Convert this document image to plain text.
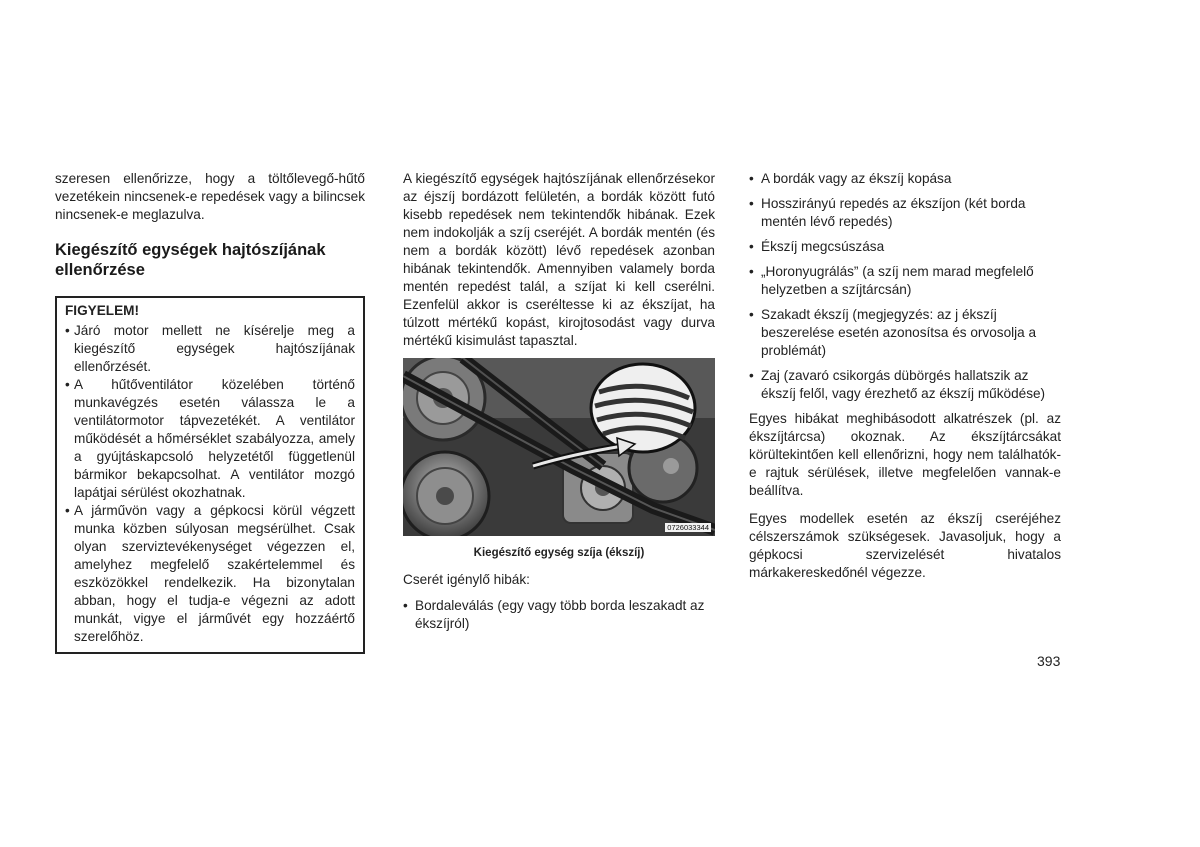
szeresen ellenőrizze, hogy a töltőlevegő-hűtő vezetékein nincsenek-e repedések vagy a bilincsek nincsenek-e meglazulva.

Kiegészítő egységek hajtószíjának ellenőrzése
FIGYELEM!
• Járó motor mellett ne kísérelje meg a kiegészítő egységek hajtószíjának ellenőrzését.
• A hűtőventilátor közelében történő munkavégzés esetén válassza le a ventilátormotor tápvezetékét. A ventilátor működését a hőmérséklet szabályozza, amely a gyújtáskapcsoló helyzetétől függetlenül bármikor bekapcsolhat. A ventilátor mozgó lapátjai sérülést okozhatnak.
• A járművön vagy a gépkocsi körül végzett munka közben súlyosan megsérülhet. Csak olyan szerviztevékenységet végezzen el, amelyhez megfelelő szakértelemmel és eszközökkel rendelkezik. Ha bizonytalan abban, hogy el tudja-e végezni az adott munkát, vigye el járművét egy hozzáértő szerelőhöz.

A kiegészítő egységek hajtószíjának ellenőrzésekor az éjszíj bordázott felületén, a bordák között futó kisebb repedések nem tekintendők hibának. Ezek nem indokolják a szíj cseréjét. A bordák mentén (és nem a bordák között) lévő repedések azonban hibának tekintendők. Amennyiben valamely borda mentén repedést talál, a szíjat ki kell cserélni. Ezenfelül akkor is cseréltesse ki az ékszíjat, ha túlzott mértékű kopást, kirojtosodást vagy durva mértékű kisimulást tapasztal.

0726033344
Kiegészítő egység szíja (ékszíj)

Cserét igénylő hibák:

• Bordaleválás (egy vagy több borda leszakadt az ékszíjról)
• A bordák vagy az ékszíj kopása
• Hosszirányú repedés az ékszíjon (két borda mentén lévő repedés)
• Ékszíj megcsúszása
• „Horonyugrálás” (a szíj nem marad megfelelő helyzetben a szíjtárcsán)
• Szakadt ékszíj (megjegyzés: az j ékszíj beszerelése esetén azonosítsa és orvosolja a problémát)
• Zaj (zavaró csikorgás dübörgés hallatszik az ékszíj felől, vagy érezhető az ékszíj működése)

Egyes hibákat meghibásodott alkatrészek (pl. az ékszíjtárcsa) okoznak. Az ékszíjtárcsákat körültekintően kell ellenőrizni, hogy nem találhatók-e rajtuk sérülések, illetve megfelelően vannak-e beállítva.

Egyes modellek esetén az ékszíj cseréjéhez célszerszámok szükségesek. Javasoljuk, hogy a gépkocsi szervizelését hivatalos márkakereskedőnél végezze.

393
